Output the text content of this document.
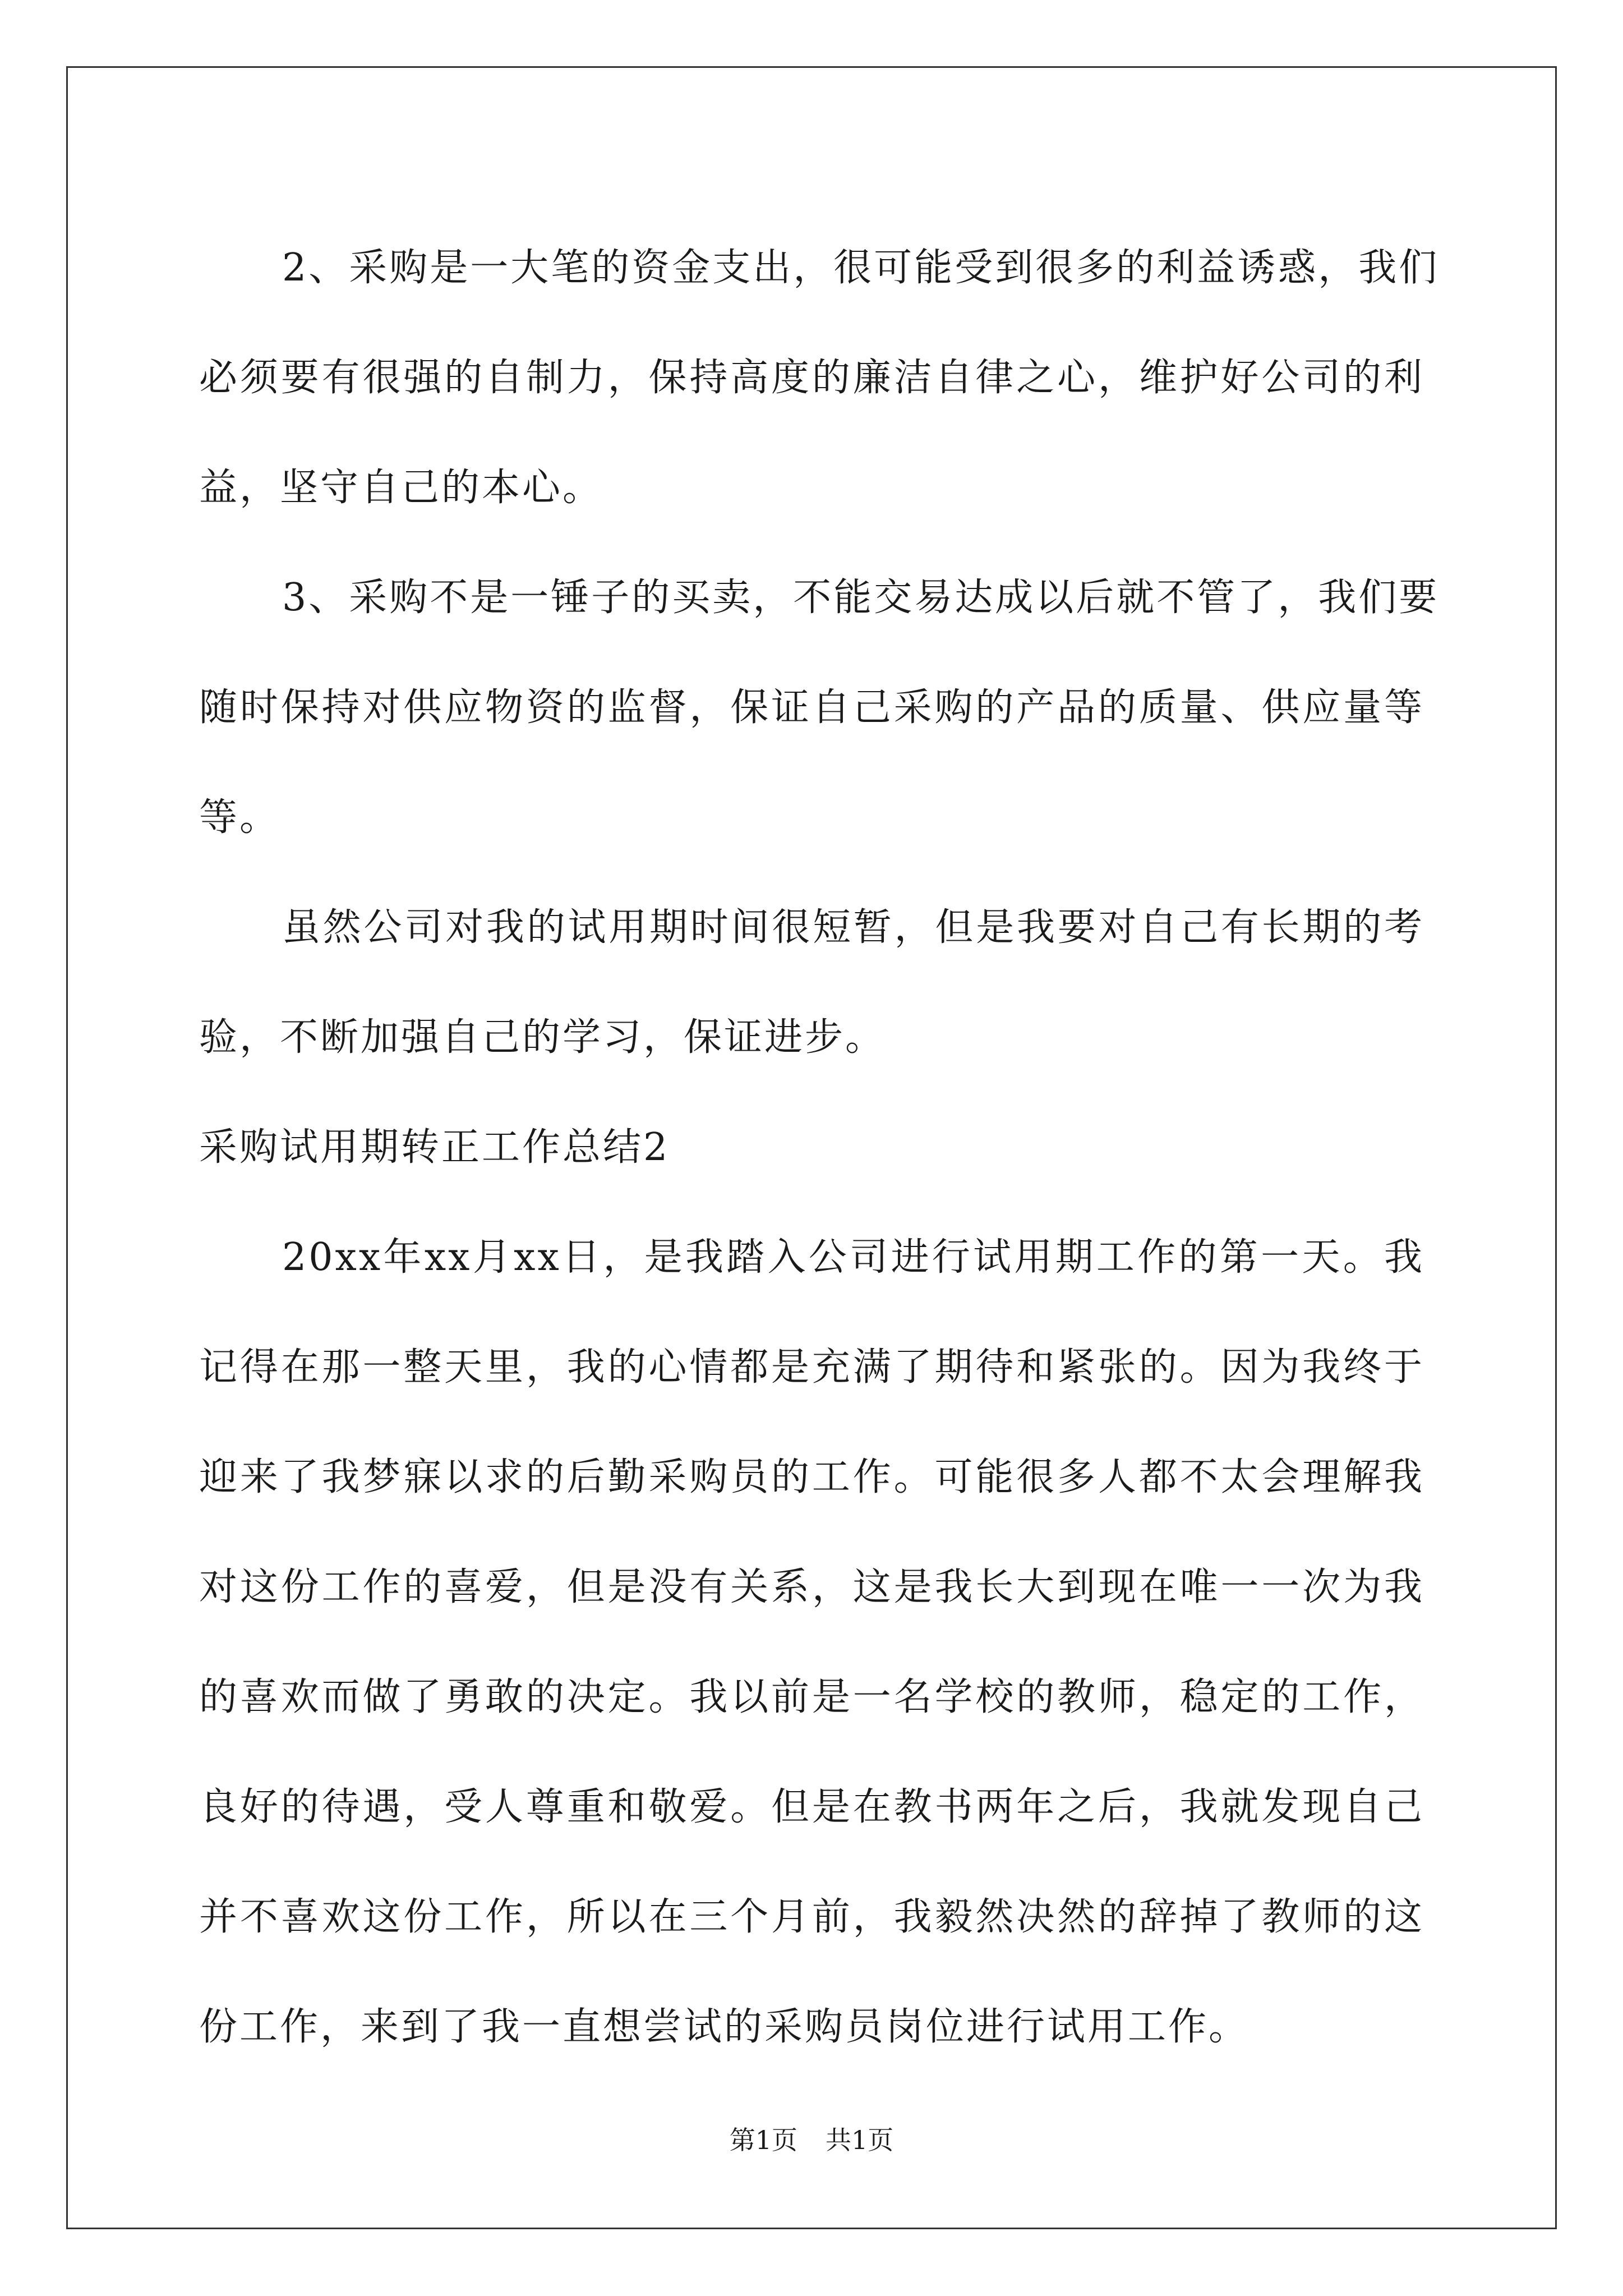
2、采购是一大笔的资金支出，很可能受到很多的利益诱惑，我们
必须要有很强的自制力，保持高度的廉洁自律之心，维护好公司的利
益，坚守自己的本心。
3、采购不是一锤子的买卖，不能交易达成以后就不管了，我们要
随时保持对供应物资的监督，保证自己采购的产品的质量、供应量等
等。
虽然公司对我的试用期时间很短暂，但是我要对自己有长期的考
验，不断加强自己的学习，保证进步。
采购试用期转正工作总结2
20xx年xx月xx日，是我踏入公司进行试用期工作的第一天。我
记得在那一整天里，我的心情都是充满了期待和紧张的。因为我终于
迎来了我梦寐以求的后勤采购员的工作。可能很多人都不太会理解我
对这份工作的喜爱，但是没有关系，这是我长大到现在唯一一次为我
的喜欢而做了勇敢的决定。我以前是一名学校的教师，稳定的工作，
良好的待遇，受人尊重和敬爱。但是在教书两年之后，我就发现自己
并不喜欢这份工作，所以在三个月前，我毅然决然的辞掉了教师的这
份工作，来到了我一直想尝试的采购员岗位进行试用工作。
第1页 共1页
